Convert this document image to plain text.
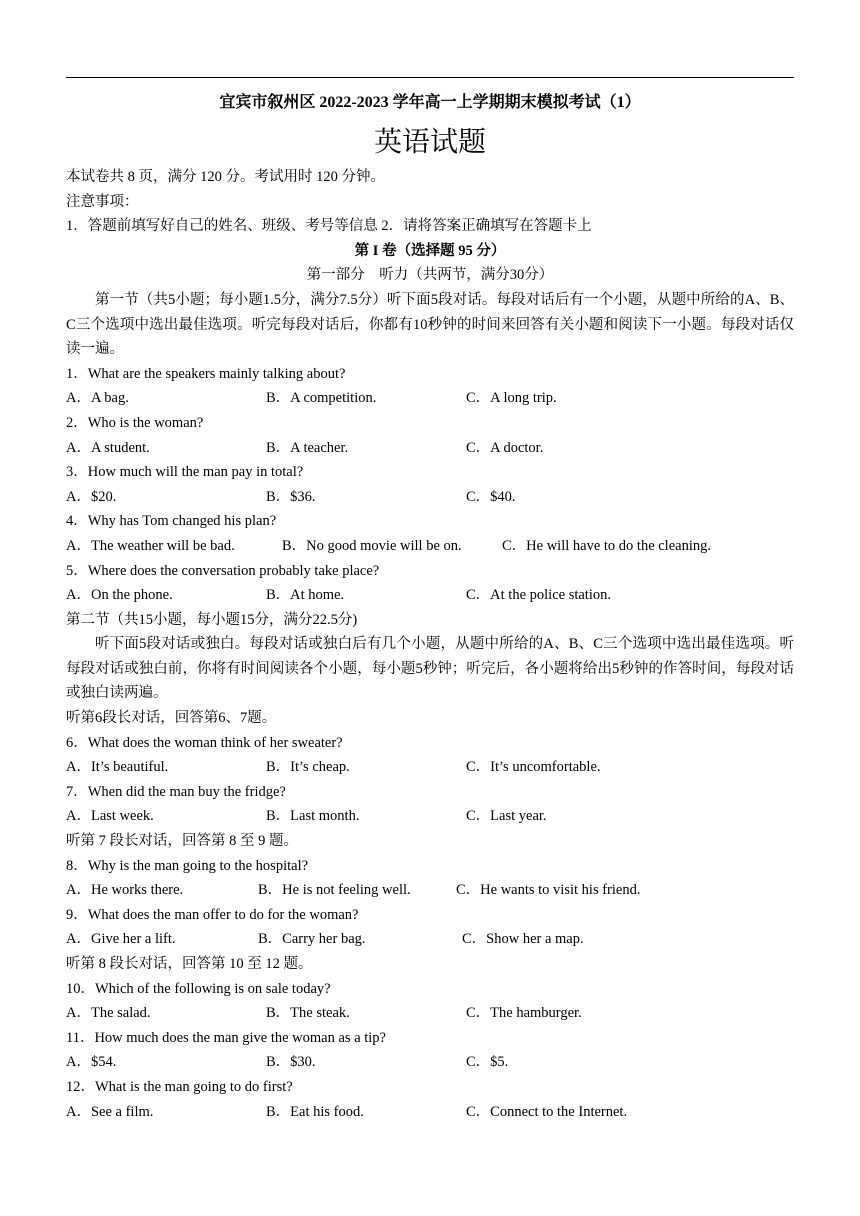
宜宾市叙州区 2022-2023 学年高一上学期期末模拟考试（1）
英语试题
本试卷共 8 页，满分 120 分。考试用时 120 分钟。
注意事项：
1．答题前填写好自己的姓名、班级、考号等信息 2．请将答案正确填写在答题卡上
第 I 卷（选择题 95 分）
第一部分　听力（共两节，满分30分）
第一节（共5小题；每小题1.5分，满分7.5分）听下面5段对话。每段对话后有一个小题，从题中所给的A、B、C三个选项中选出最佳选项。听完每段对话后，你都有10秒钟的时间来回答有关小题和阅读下一小题。每段对话仅读一遍。
1．What are the speakers mainly talking about?
A．A bag.	B．A competition.	C．A long trip.
2．Who is the woman?
A．A student.	B．A teacher.	C．A doctor.
3．How much will the man pay in total?
A．$20.	B．$36.	C．$40.
4．Why has Tom changed his plan?
A．The weather will be bad.	B．No good movie will be on.	C．He will have to do the cleaning.
5．Where does the conversation probably take place?
A．On the phone.	B．At home.	C．At the police station.
第二节（共15小题，每小题15分，满分22.5分)
听下面5段对话或独白。每段对话或独白后有几个小题，从题中所给的A、B、C三个选项中选出最佳选项。听每段对话或独白前，你将有时间阅读各个小题，每小题5秒钟；听完后，各小题将给出5秒钟的作答时间，每段对话或独白读两遍。
听第6段长对话，回答第6、7题。
6．What does the woman think of her sweater?
A．It’s beautiful.	B．It’s cheap.	C．It’s uncomfortable.
7．When did the man buy the fridge?
A．Last week.	B．Last month.	C．Last year.
听第 7 段长对话，回答第 8 至 9 题。
8．Why is the man going to the hospital?
A．He works there.	B．He is not feeling well.	C．He wants to visit his friend.
9．What does the man offer to do for the woman?
A．Give her a lift.	B．Carry her bag.	C．Show her a map.
听第 8 段长对话，回答第 10 至 12 题。
10．Which of the following is on sale today?
A．The salad.	B．The steak.	C．The hamburger.
11．How much does the man give the woman as a tip?
A．$54.	B．$30.	C．$5.
12．What is the man going to do first?
A．See a film.	B．Eat his food.	C．Connect to the Internet.
